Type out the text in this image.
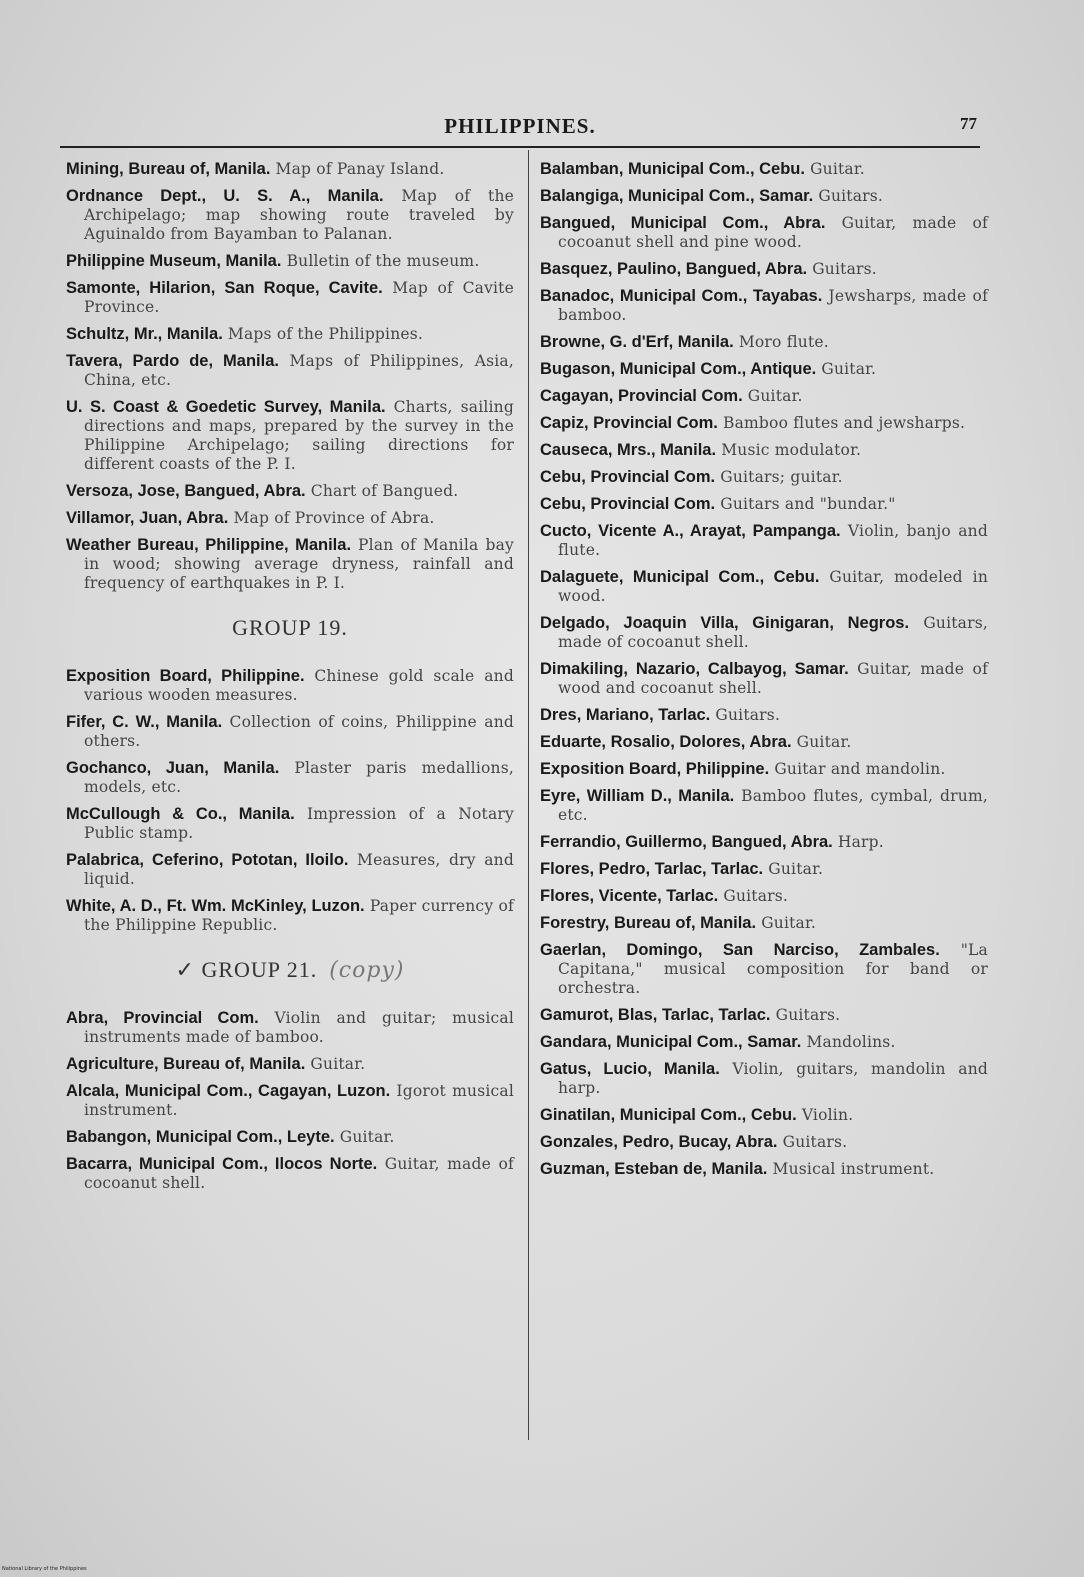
PHILIPPINES.	77
Mining, Bureau of, Manila. Map of Panay Island.
Ordnance Dept., U. S. A., Manila. Map of the Archipelago; map showing route traveled by Aguinaldo from Bayamban to Palanan.
Philippine Museum, Manila. Bulletin of the museum.
Samonte, Hilarion, San Roque, Cavite. Map of Cavite Province.
Schultz, Mr., Manila. Maps of the Philippines.
Tavera, Pardo de, Manila. Maps of Philippines, Asia, China, etc.
U. S. Coast & Goedetic Survey, Manila. Charts, sailing directions and maps, prepared by the survey in the Philippine Archipelago; sailing directions for different coasts of the P. I.
Versoza, Jose, Bangued, Abra. Chart of Bangued.
Villamor, Juan, Abra. Map of Province of Abra.
Weather Bureau, Philippine, Manila. Plan of Manila bay in wood; showing average dryness, rainfall and frequency of earthquakes in P. I.
GROUP 19.
Exposition Board, Philippine. Chinese gold scale and various wooden measures.
Fifer, C. W., Manila. Collection of coins, Philippine and others.
Gochanco, Juan, Manila. Plaster paris medallions, models, etc.
McCullough & Co., Manila. Impression of a Notary Public stamp.
Palabrica, Ceferino, Pototan, Iloilo. Measures, dry and liquid.
White, A. D., Ft. Wm. McKinley, Luzon. Paper currency of the Philippine Republic.
✓ GROUP 21. (copy)
Abra, Provincial Com. Violin and guitar; musical instruments made of bamboo.
Agriculture, Bureau of, Manila. Guitar.
Alcala, Municipal Com., Cagayan, Luzon. Igorot musical instrument.
Babangon, Municipal Com., Leyte. Guitar.
Bacarra, Municipal Com., Ilocos Norte. Guitar, made of cocoanut shell.
Balamban, Municipal Com., Cebu. Guitar.
Balangiga, Municipal Com., Samar. Guitars.
Bangued, Municipal Com., Abra. Guitar, made of cocoanut shell and pine wood.
Basquez, Paulino, Bangued, Abra. Guitars.
Banadoc, Municipal Com., Tayabas. Jewsharps, made of bamboo.
Browne, G. d'Erf, Manila. Moro flute.
Bugason, Municipal Com., Antique. Guitar.
Cagayan, Provincial Com. Guitar.
Capiz, Provincial Com. Bamboo flutes and jewsharps.
Causeca, Mrs., Manila. Music modulator.
Cebu, Provincial Com. Guitars; guitar.
Cebu, Provincial Com. Guitars and "bundar."
Cucto, Vicente A., Arayat, Pampanga. Violin, banjo and flute.
Dalaguete, Municipal Com., Cebu. Guitar, modeled in wood.
Delgado, Joaquin Villa, Ginigaran, Negros. Guitars, made of cocoanut shell.
Dimakiling, Nazario, Calbayog, Samar. Guitar, made of wood and cocoanut shell.
Dres, Mariano, Tarlac. Guitars.
Eduarte, Rosalio, Dolores, Abra. Guitar.
Exposition Board, Philippine. Guitar and mandolin.
Eyre, William D., Manila. Bamboo flutes, cymbal, drum, etc.
Ferrandio, Guillermo, Bangued, Abra. Harp.
Flores, Pedro, Tarlac, Tarlac. Guitar.
Flores, Vicente, Tarlac. Guitars.
Forestry, Bureau of, Manila. Guitar.
Gaerlan, Domingo, San Narciso, Zambales. "La Capitana," musical composition for band or orchestra.
Gamurot, Blas, Tarlac, Tarlac. Guitars.
Gandara, Municipal Com., Samar. Mandolins.
Gatus, Lucio, Manila. Violin, guitars, mandolin and harp.
Ginatilan, Municipal Com., Cebu. Violin.
Gonzales, Pedro, Bucay, Abra. Guitars.
Guzman, Esteban de, Manila. Musical instrument.
National Library of the Philippines
